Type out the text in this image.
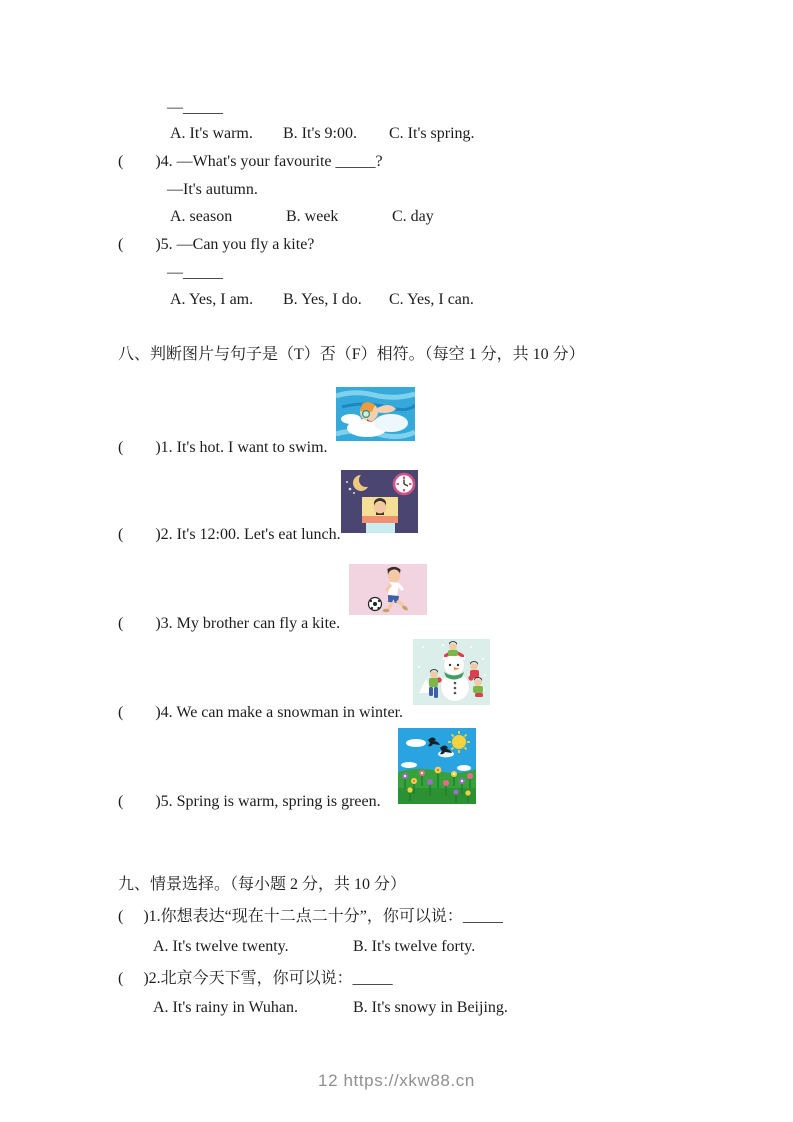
—_____
A. It's warm. B. It's 9:00. C. It's spring.
(        )4. —What's your favourite _____?
—It's autumn.
A. season	B. week	C. day
(        )5. —Can you fly a kite?
—_____
A. Yes, I am. B. Yes, I do. C. Yes, I can.
八、判断图片与句子是（T）否（F）相符。（每空 1 分，共 10 分）
(        )1. It's hot. I want to swim.
(        )2. It's 12:00. Let's eat lunch.
(        )3. My brother can fly a kite.
(        )4. We can make a snowman in winter.
(        )5. Spring is warm, spring is green.
九、情景选择。（每小题 2 分，共 10 分）
(     )1.你想表达“现在十二点二十分”，你可以说：_____
A. It's twelve twenty.	B. It's twelve forty.
(     )2.北京今天下雪，你可以说：_____
A. It's rainy in Wuhan.	B. It's snowy in Beijing.
12 https://xkw88.cn
